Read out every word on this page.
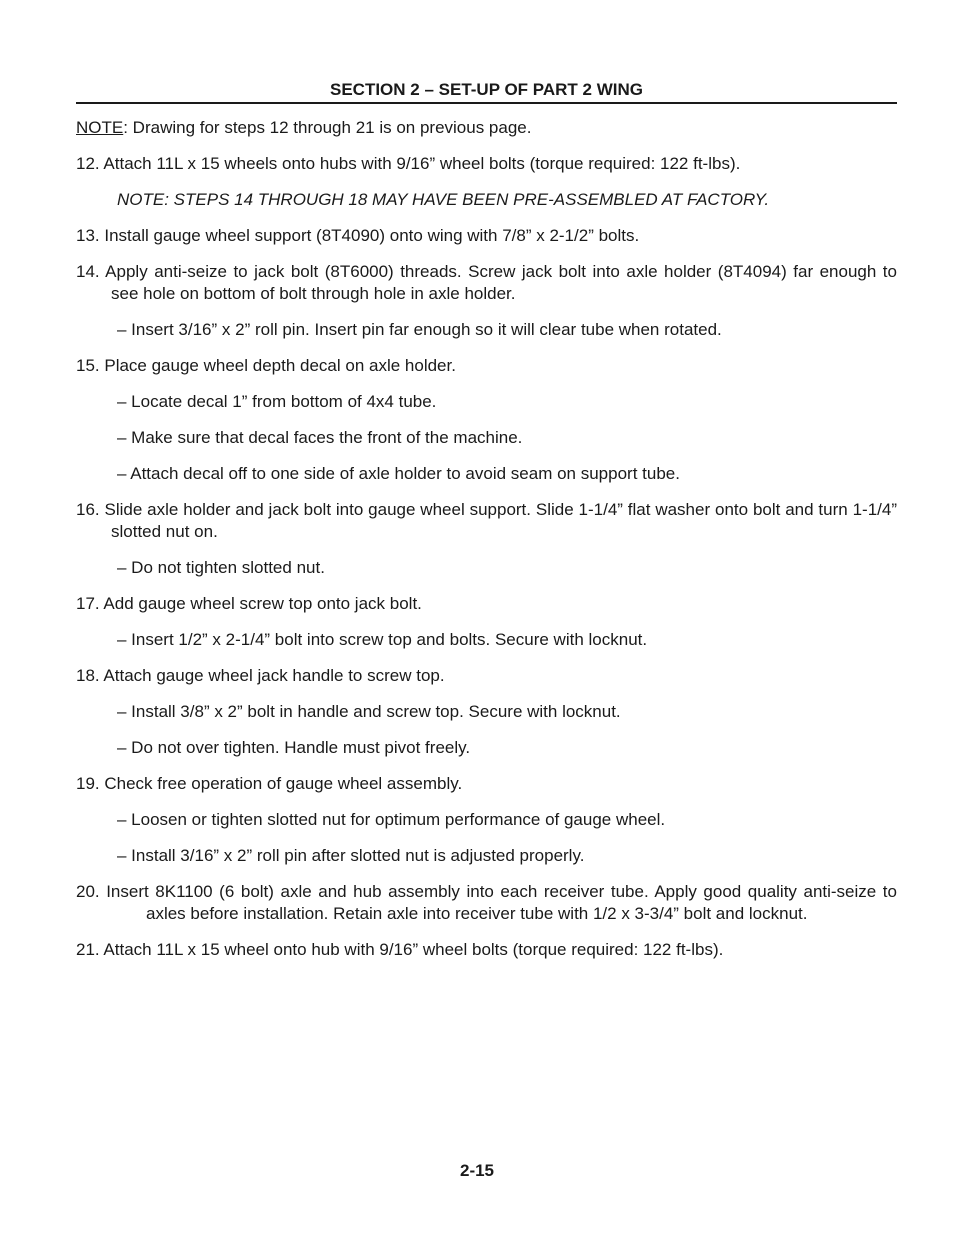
SECTION 2 – SET-UP OF PART 2 WING

NOTE: Drawing for steps 12 through 21 is on previous page.

12. Attach 11L x 15 wheels onto hubs with 9/16” wheel bolts (torque required: 122 ft-lbs).

NOTE: STEPS 14 THROUGH 18 MAY HAVE BEEN PRE-ASSEMBLED AT FACTORY.

13. Install gauge wheel support (8T4090) onto wing with 7/8” x 2-1/2” bolts.

14. Apply anti-seize to jack bolt (8T6000) threads. Screw jack bolt into axle holder (8T4094) far enough to see hole on bottom of bolt through hole in axle holder.

– Insert 3/16” x 2” roll pin. Insert pin far enough so it will clear tube when rotated.

15. Place gauge wheel depth decal on axle holder.

– Locate decal 1” from bottom of 4x4 tube.

– Make sure that decal faces the front of the machine.

– Attach decal off to one side of axle holder to avoid seam on support tube.

16. Slide axle holder and jack bolt into gauge wheel support. Slide 1-1/4” flat washer onto bolt and turn 1-1/4” slotted nut on.

– Do not tighten slotted nut.

17. Add gauge wheel screw top onto jack bolt.

– Insert 1/2” x 2-1/4” bolt into screw top and bolts. Secure with locknut.

18. Attach gauge wheel jack handle to screw top.

– Install 3/8” x 2” bolt in handle and screw top. Secure with locknut.

– Do not over tighten. Handle must pivot freely.

19. Check free operation of gauge wheel assembly.

– Loosen or tighten slotted nut for optimum performance of gauge wheel.

– Install 3/16” x 2” roll pin after slotted nut is adjusted properly.

20. Insert 8K1100 (6 bolt) axle and hub assembly into each receiver tube. Apply good quality anti-seize to axles before installation. Retain axle into receiver tube with 1/2 x 3-3/4” bolt and locknut.

21. Attach 11L x 15 wheel onto hub with 9/16” wheel bolts (torque required: 122 ft-lbs).

2-15
